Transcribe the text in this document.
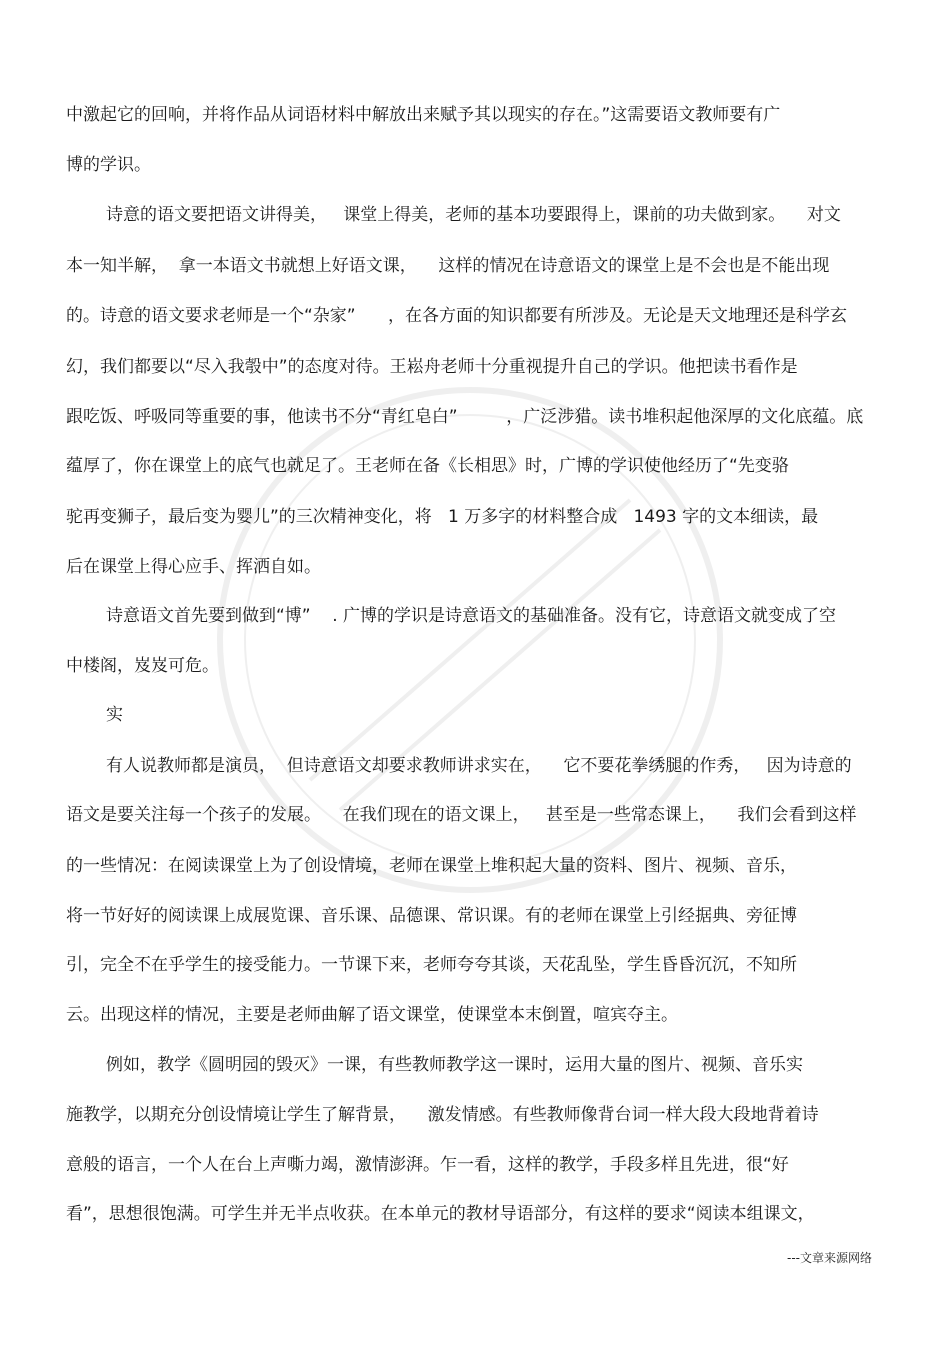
中激起它的回响，并将作品从词语材料中解放出来赋予其以现实的存在。”这需要语文教师要有广
博的学识。
诗意的语文要把语文讲得美，   课堂上得美，老师的基本功要跟得上，课前的功夫做到家。    对文
本一知半解，  拿一本语文书就想上好语文课，    这样的情况在诗意语文的课堂上是不会也是不能出现
的。诗意的语文要求老师是一个“杂家”      ，在各方面的知识都要有所涉及。无论是天文地理还是科学玄
幻，我们都要以“尽入我彀中”的态度对待。王崧舟老师十分重视提升自己的学识。他把读书看作是
跟吃饭、呼吸同等重要的事，他读书不分“青红皂白”         ，广泛涉猎。读书堆积起他深厚的文化底蕴。底
蕴厚了，你在课堂上的底气也就足了。王老师在备《长相思》时，广博的学识使他经历了“先变骆
驼再变狮子，最后变为婴儿”的三次精神变化，将   1 万多字的材料整合成   1493 字的文本细读，最
后在课堂上得心应手、挥洒自如。
诗意语文首先要到做到“博”    . 广博的学识是诗意语文的基础准备。没有它，诗意语文就变成了空
中楼阁，岌岌可危。
实
有人说教师都是演员，  但诗意语文却要求教师讲求实在，    它不要花拳绣腿的作秀，   因为诗意的
语文是要关注每一个孩子的发展。    在我们现在的语文课上，   甚至是一些常态课上，    我们会看到这样
的一些情况：在阅读课堂上为了创设情境，老师在课堂上堆积起大量的资料、图片、视频、音乐，
将一节好好的阅读课上成展览课、音乐课、品德课、常识课。有的老师在课堂上引经据典、旁征博
引，完全不在乎学生的接受能力。一节课下来，老师夸夸其谈，天花乱坠，学生昏昏沉沉，不知所
云。出现这样的情况，主要是老师曲解了语文课堂，使课堂本末倒置，喧宾夺主。
例如，教学《圆明园的毁灭》一课，有些教师教学这一课时，运用大量的图片、视频、音乐实
施教学，以期充分创设情境让学生了解背景，    激发情感。有些教师像背台词一样大段大段地背着诗
意般的语言，一个人在台上声嘶力竭，激情澎湃。乍一看，这样的教学，手段多样且先进，很“好
看”，思想很饱满。可学生并无半点收获。在本单元的教材导语部分，有这样的要求“阅读本组课文，
---文章来源网络
